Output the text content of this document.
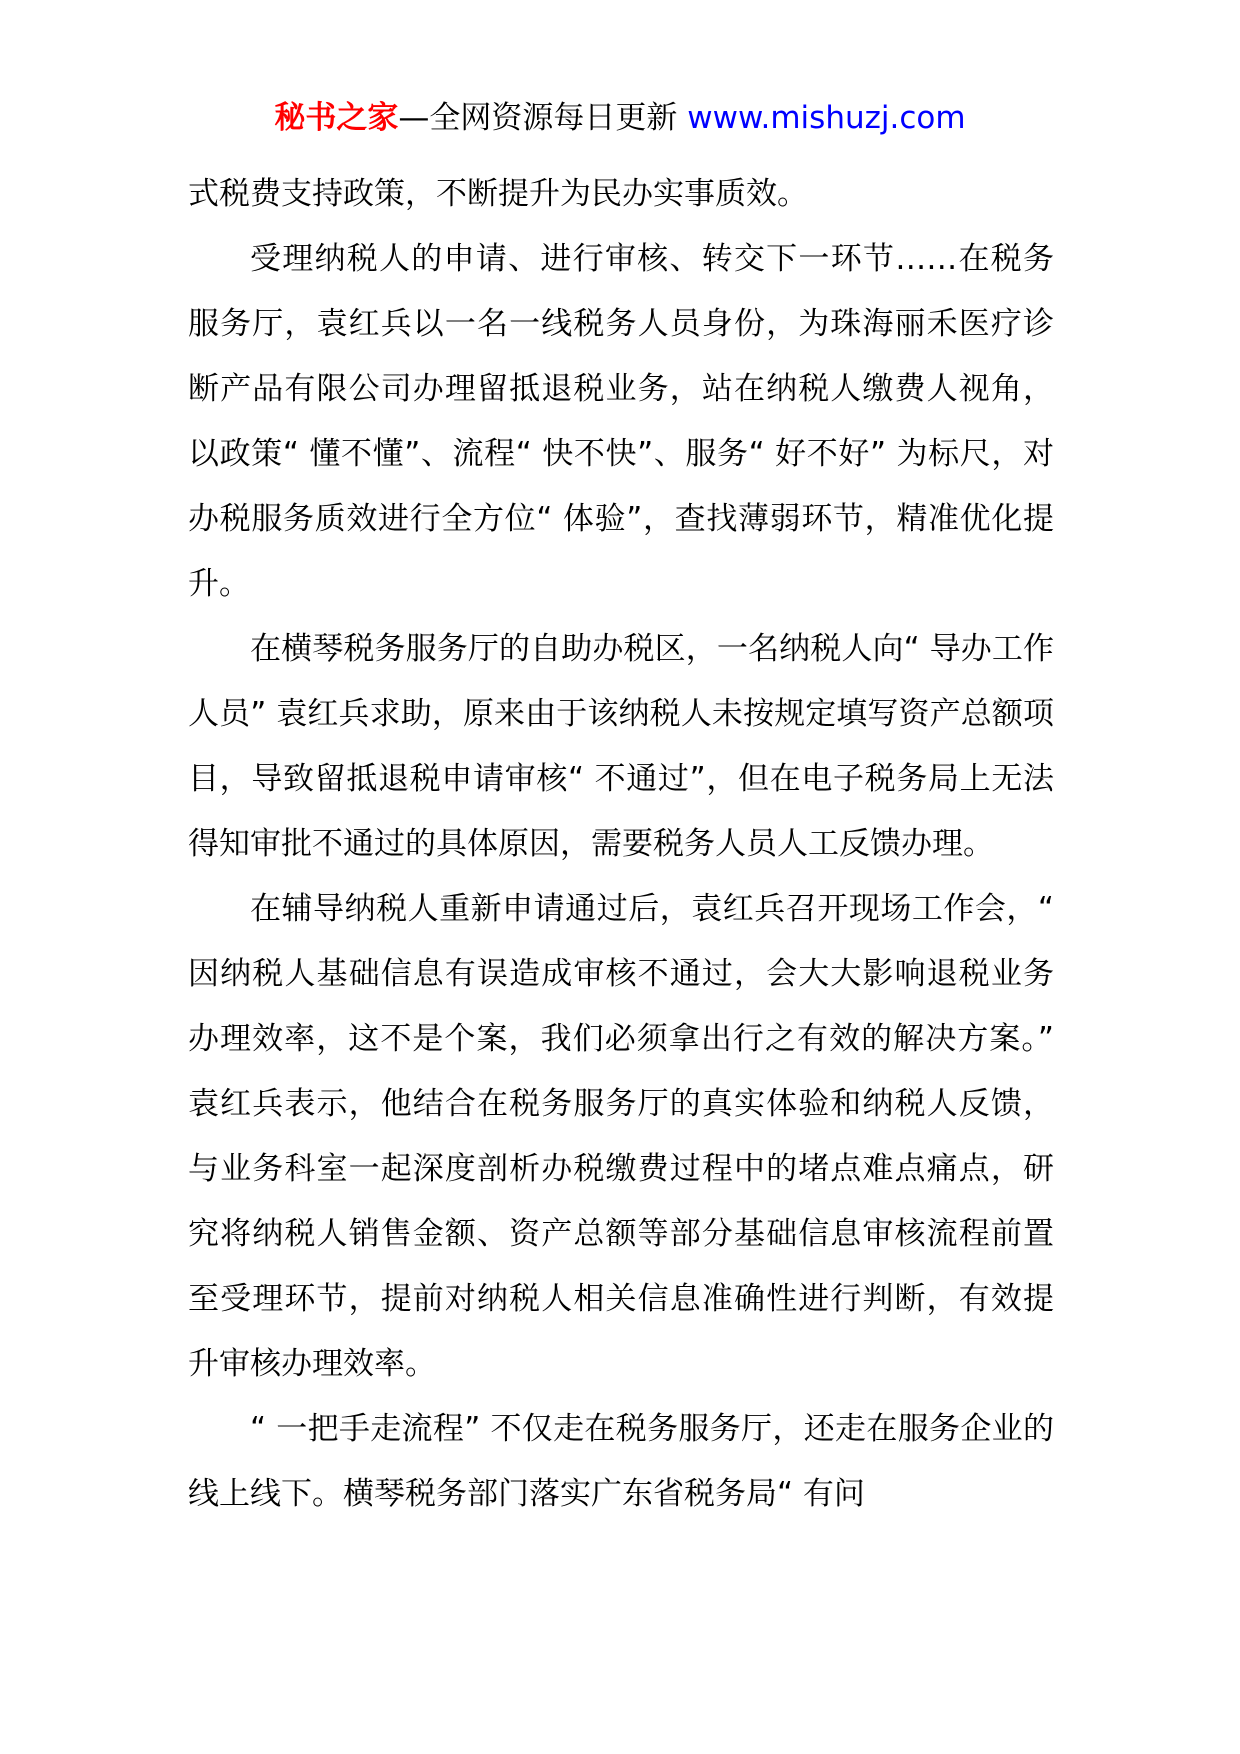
秘书之家—全网资源每日更新 www.mishuzj.com

式税费支持政策，不断提升为民办实事质效。

受理纳税人的申请、进行审核、转交下一环节……在税务服务厅，袁红兵以一名一线税务人员身份，为珠海丽禾医疗诊断产品有限公司办理留抵退税业务，站在纳税人缴费人视角，以政策“ 懂不懂”、流程“ 快不快”、服务“ 好不好” 为标尺，对办税服务质效进行全方位“ 体验”，查找薄弱环节，精准优化提升。

在横琴税务服务厅的自助办税区，一名纳税人向“ 导办工作人员” 袁红兵求助，原来由于该纳税人未按规定填写资产总额项目，导致留抵退税申请审核“ 不通过”，但在电子税务局上无法得知审批不通过的具体原因，需要税务人员人工反馈办理。

在辅导纳税人重新申请通过后，袁红兵召开现场工作会，“ 因纳税人基础信息有误造成审核不通过，会大大影响退税业务办理效率，这不是个案，我们必须拿出行之有效的解决方案。” 袁红兵表示，他结合在税务服务厅的真实体验和纳税人反馈，与业务科室一起深度剖析办税缴费过程中的堵点难点痛点，研究将纳税人销售金额、资产总额等部分基础信息审核流程前置至受理环节，提前对纳税人相关信息准确性进行判断，有效提升审核办理效率。

“ 一把手走流程” 不仅走在税务服务厅，还走在服务企业的线上线下。横琴税务部门落实广东省税务局“ 有问
